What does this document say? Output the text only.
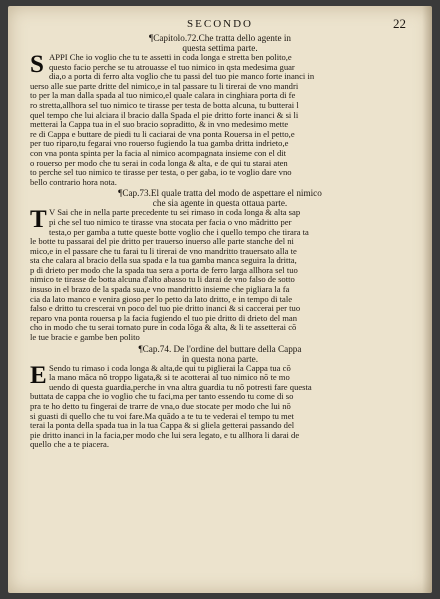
SECONDO	22
¶Capitolo.72.Che tratta dello agente in
questa settima parte.
S APPI Che io voglio che tu te assetti in coda longa e stretta ben polito,e
questo facio perche se tu atrouasse el tuo nimico in qsta medesima guar
dia,o a porta di ferro alta voglio che tu passi del tuo pie manco forte inanci in
uerso alle sue parte dritte del nimico,e in tal passare tu li tirerai de vno mandri
to per la man dalla spada al tuo nimico,el quale calara in cinghiara porta di fe
ro stretta,allhora sel tuo nimico te tirasse per testa de botta alcuna, tu butterai l
quel tempo che lui alciara il bracio dalla Spada el pie dritto forte inanci & si li
metterai la Cappa tua in el suo bracio sopraditto, & in vno medesimo mette
re di Cappa e buttare de piedi tu li caciarai de vna ponta Rouersa in el petto,e
per tuo riparo,tu fegarai vno rouerso fugiendo la tua gamba dritta indrieto,e
con vna ponta spinta per la facia al nimico acompagnata insieme con el dit
o rouerso per modo che tu serai in coda longa & alta, e de qui tu starai aten
to perche sel tuo nimico te tirasse per testa, o per gaba, io te voglio dare vno
bello contrario hora nota.
¶Cap.73.El quale tratta del modo de aspettare el nimico
che sia agente in questa ottaua parte.
T V Sai che in nella parte precedente tu sei rimaso in coda longa & alta sap
pi che sel tuo nimico te tirasse vna stocata per facia o vno mādritto per
testa,o per gamba a tutte queste botte voglio che i quello tempo che tirara ta
le botte tu passarai del pie dritto per trauerso inuerso alle parte stanche del ni
mico,e in el passare che tu farai tu li tirerai de vno mandritto trauersato alla te
sta che calara al bracio della sua spada e la tua gamba manca seguira la dritta,
p di drieto per modo che la spada tua sera a porta de ferro larga allhora sel tuo
nimico te tirasse de botta alcuna d'alto abasso tu li darai de vno falso de sotto
insuso in el brazo de la spada sua,e vno mandritto insieme che pigliara la fa
cia da lato manco e venira gioso per lo petto da lato dritto, e in tempo di tale
falso e dritto tu crescerai vn poco del tuo pie dritto inanci & si caccerai per tuo
reparo vna ponta rouersa p la facia fugiendo el tuo pie dritto di drieto del man
cho in modo che tu serai tornato pure in coda lōga & alta, & li te assetterai cō
le tue bracie e gambe ben polito
¶Cap.74. De l'ordine del buttare della Cappa
in questa nona parte.
E Sendo tu rimaso i coda longa & alta,de qui tu piglierai la Cappa tua cō
la mano māca nō troppo ligata,& si te acotterai al tuo nimico nō te mo
uendo di questa guardia,perche in vna altra guardia tu nō potresti fare questa
buttata de cappa che io voglio che tu faci,ma per tanto essendo tu come di so
pra te ho detto tu fingerai de trarre de vna,o due stocate per modo che lui nō
si guasti di quello che tu voi fare.Ma quādo a te tu te vederai el tempo tu met
terai la ponta della spada tua in la tua Cappa & si gliela getterai passando del
pie dritto inanci in la facia,per modo che lui sera legato, e tu allhora li darai de
quello che a te piacera.
